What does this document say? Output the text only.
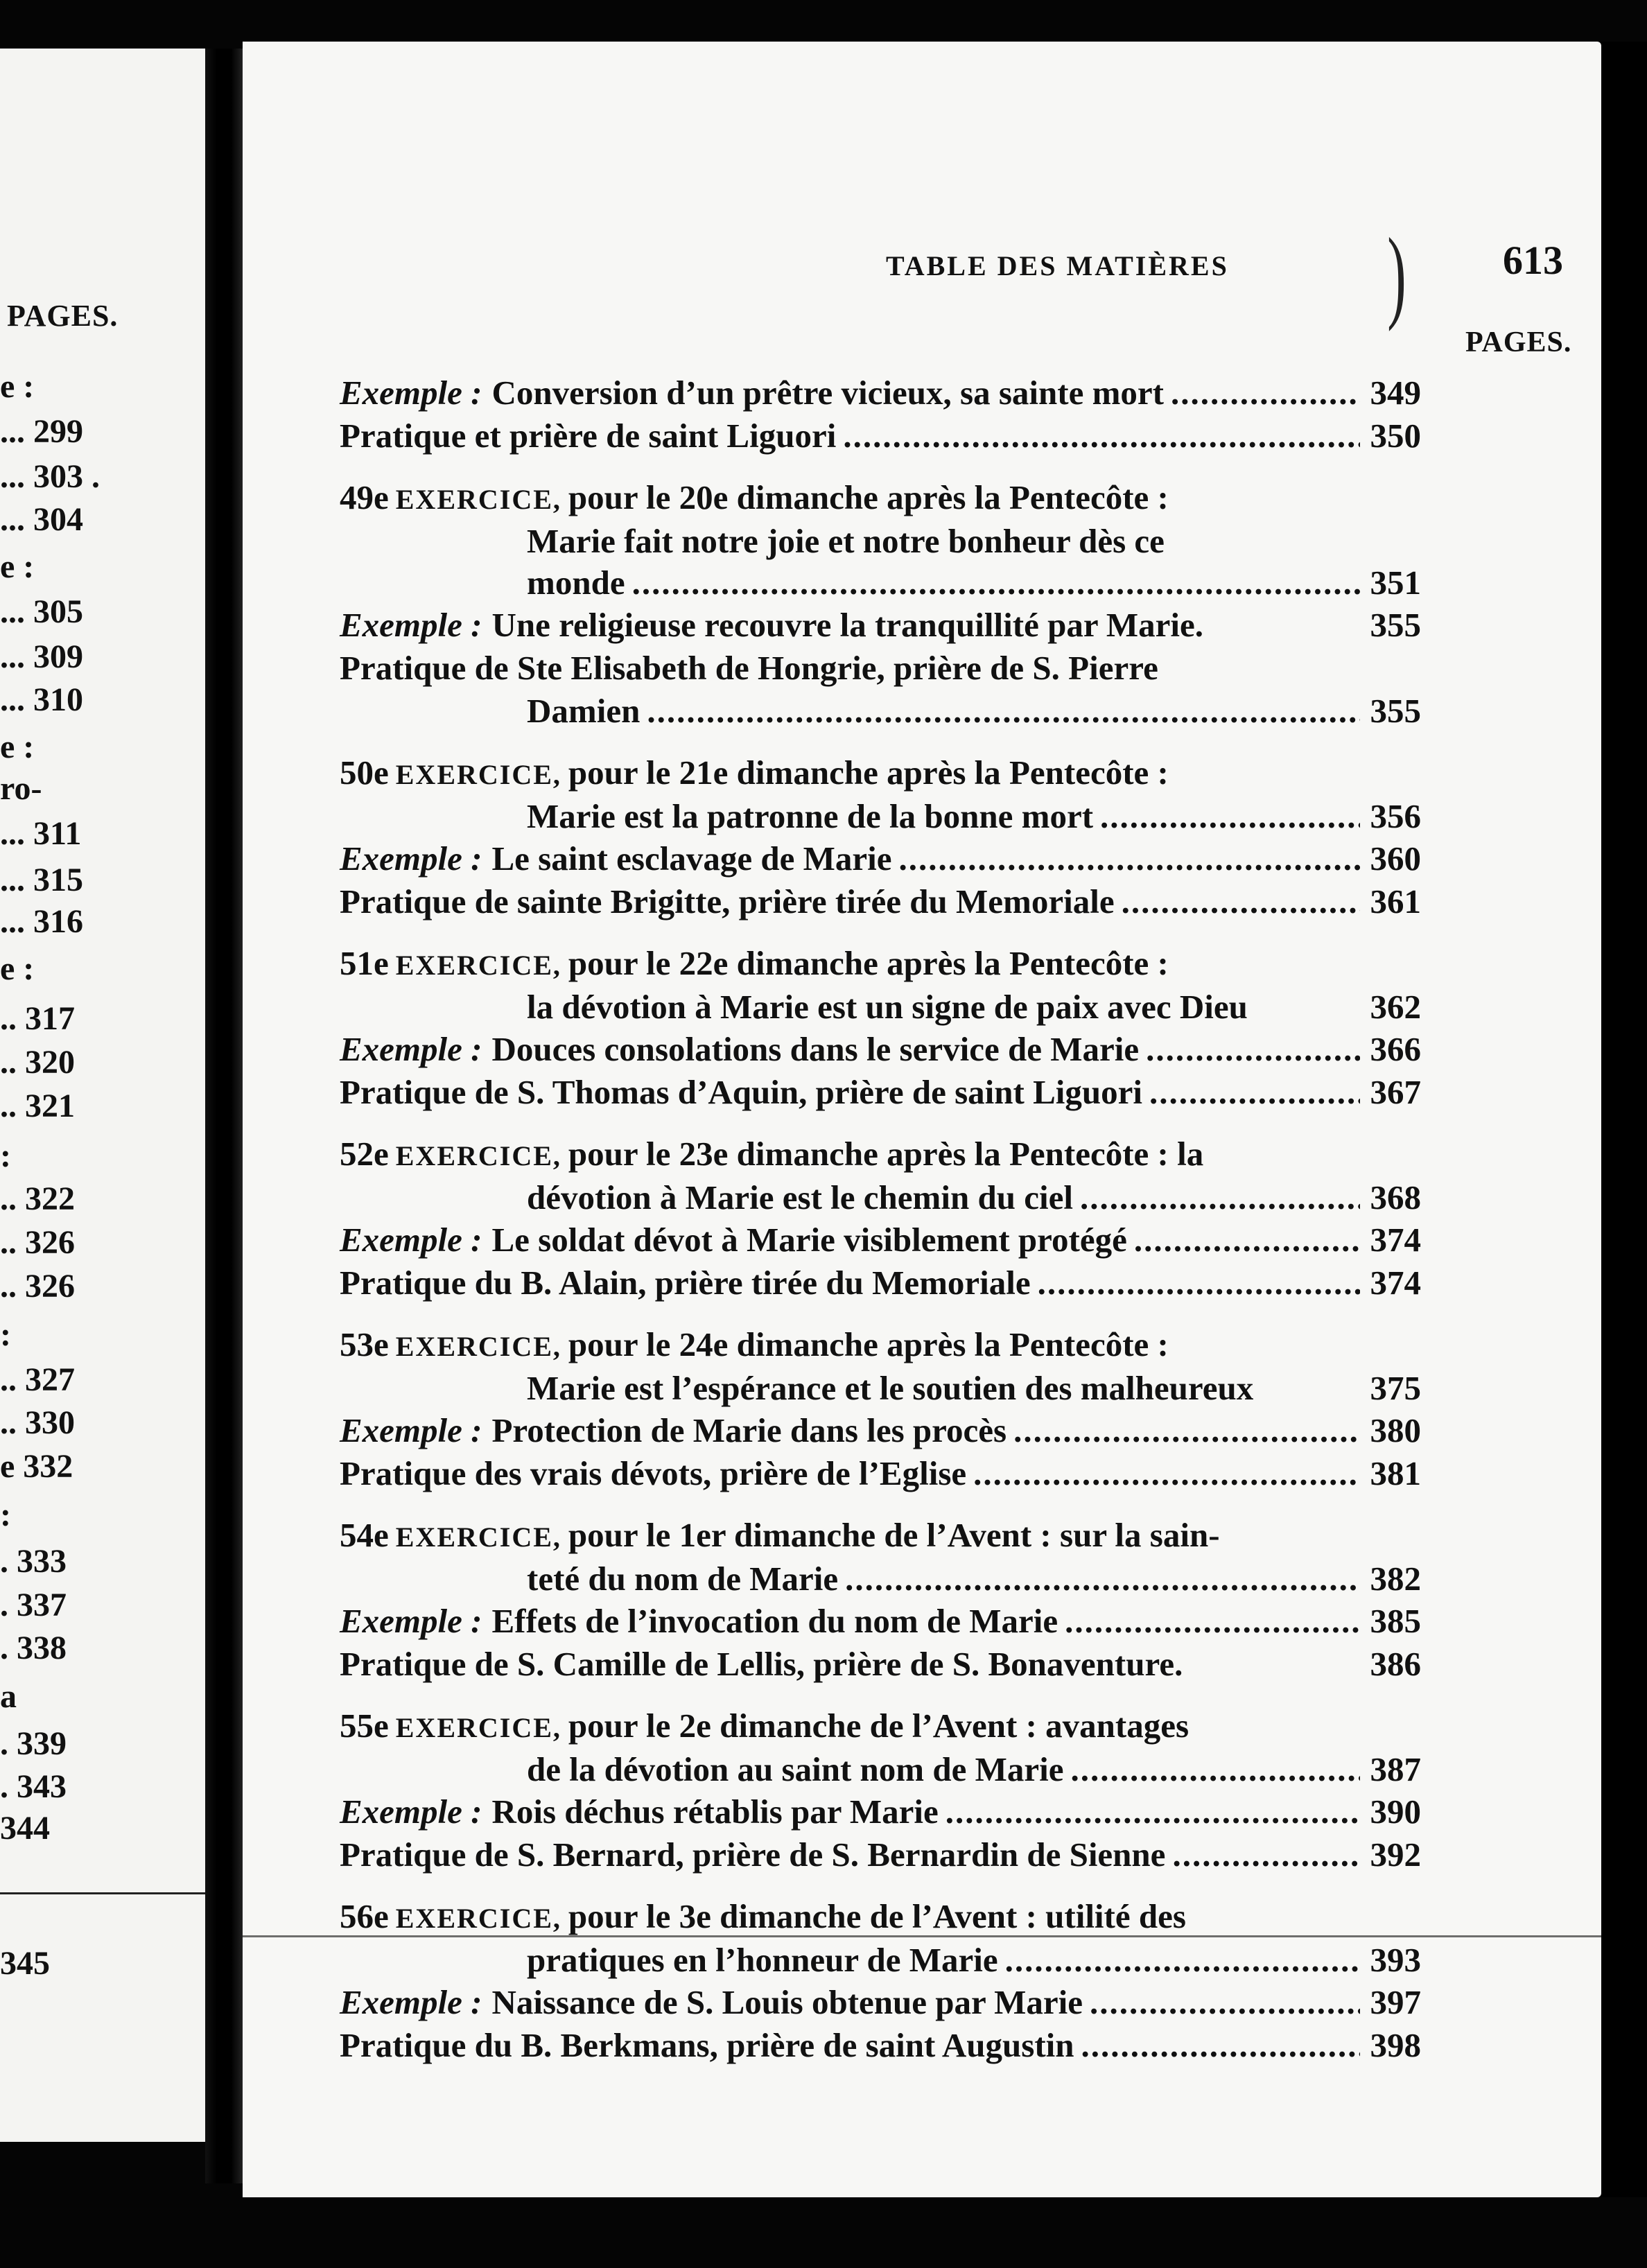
PAGES.
e :
... 299
... 303 .
... 304
e :
... 305
... 309
... 310
e :
ro-
... 311
... 315
... 316
e :
.. 317
.. 320
.. 321
:
.. 322
.. 326
.. 326
:
.. 327
.. 330
e 332
:
. 333
. 337
. 338
a
. 339
. 343
344
345
TABLE DES MATIÈRES ) 613
PAGES.
Exemple : Conversion d’un prêtre vicieux, sa sainte mort .....	349
Pratique et prière de saint Liguori .....	350
49e EXERCICE, pour le 20e dimanche après la Pentecôte :
Marie fait notre joie et notre bonheur dès ce
monde .....	351
Exemple : Une religieuse recouvre la tranquillité par Marie.	355
Pratique de Ste Elisabeth de Hongrie, prière de S. Pierre
Damien .....	355
50e EXERCICE, pour le 21e dimanche après la Pentecôte :
Marie est la patronne de la bonne mort .....	356
Exemple : Le saint esclavage de Marie .....	360
Pratique de sainte Brigitte, prière tirée du Memoriale .....	361
51e EXERCICE, pour le 22e dimanche après la Pentecôte :
la dévotion à Marie est un signe de paix avec Dieu	362
Exemple : Douces consolations dans le service de Marie .....	366
Pratique de S. Thomas d’Aquin, prière de saint Liguori .....	367
52e EXERCICE, pour le 23e dimanche après la Pentecôte : la
dévotion à Marie est le chemin du ciel .....	368
Exemple : Le soldat dévot à Marie visiblement protégé .....	374
Pratique du B. Alain, prière tirée du Memoriale .....	374
53e EXERCICE, pour le 24e dimanche après la Pentecôte :
Marie est l’espérance et le soutien des malheureux	375
Exemple : Protection de Marie dans les procès .....	380
Pratique des vrais dévots, prière de l’Eglise .....	381
54e EXERCICE, pour le 1er dimanche de l’Avent : sur la sain-
teté du nom de Marie .....	382
Exemple : Effets de l’invocation du nom de Marie .....	385
Pratique de S. Camille de Lellis, prière de S. Bonaventure.	386
55e EXERCICE, pour le 2e dimanche de l’Avent : avantages
de la dévotion au saint nom de Marie .....	387
Exemple : Rois déchus rétablis par Marie .....	390
Pratique de S. Bernard, prière de S. Bernardin de Sienne .....	392
56e EXERCICE, pour le 3e dimanche de l’Avent : utilité des
pratiques en l’honneur de Marie .....	393
Exemple : Naissance de S. Louis obtenue par Marie .....	397
Pratique du B. Berkmans, prière de saint Augustin .....	398
